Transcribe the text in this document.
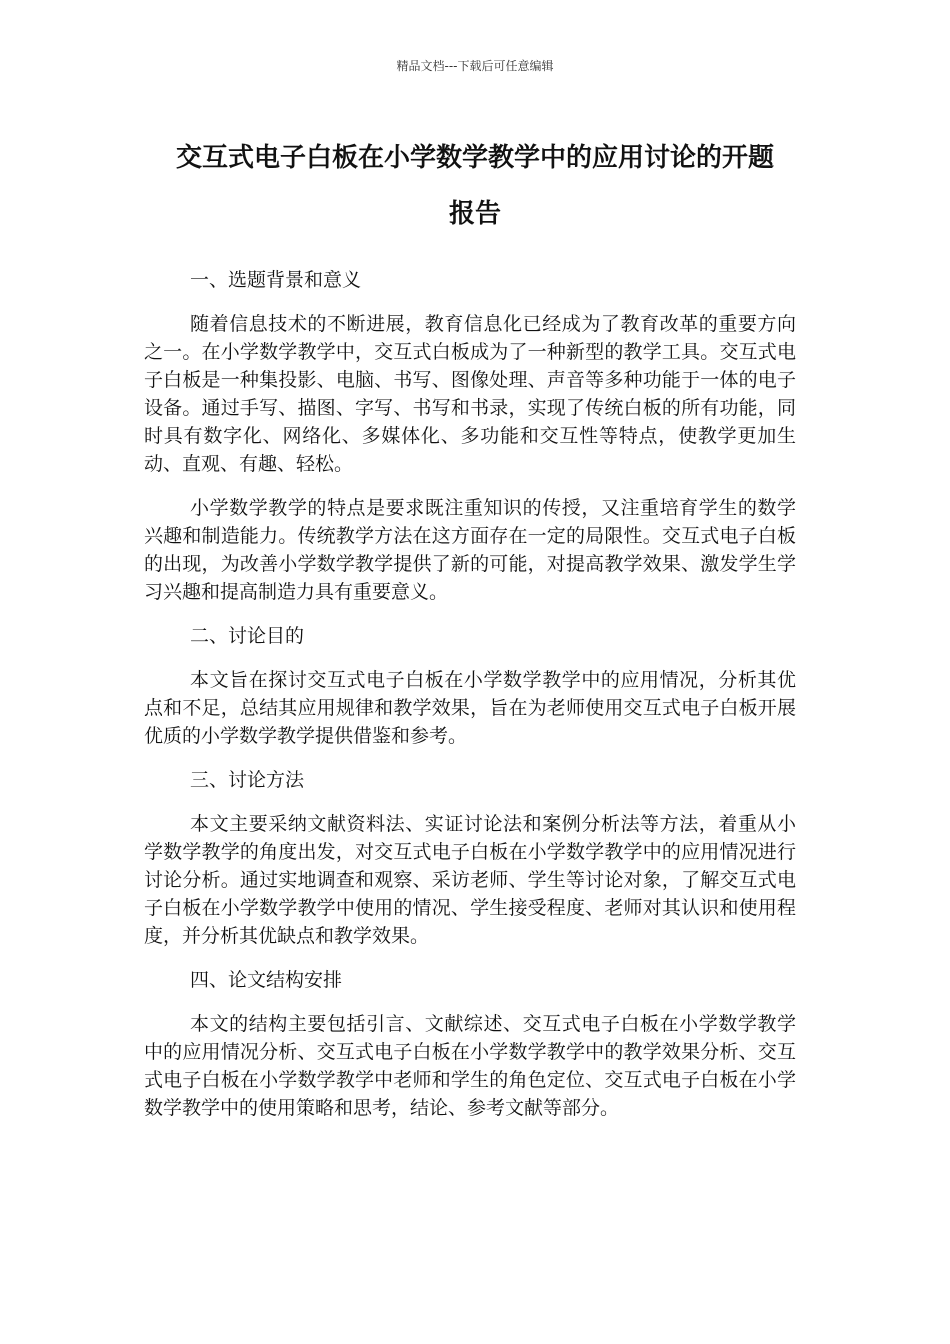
精品文档---下载后可任意编辑
交互式电子白板在小学数学教学中的应用讨论的开题
报告
一、选题背景和意义

随着信息技术的不断进展，教育信息化已经成为了教育改革的重要方向之一。在小学数学教学中，交互式白板成为了一种新型的教学工具。交互式电子白板是一种集投影、电脑、书写、图像处理、声音等多种功能于一体的电子设备。通过手写、描图、字写、书写和书录，实现了传统白板的所有功能，同时具有数字化、网络化、多媒体化、多功能和交互性等特点，使教学更加生动、直观、有趣、轻松。

小学数学教学的特点是要求既注重知识的传授，又注重培育学生的数学兴趣和制造能力。传统教学方法在这方面存在一定的局限性。交互式电子白板的出现，为改善小学数学教学提供了新的可能，对提高教学效果、激发学生学习兴趣和提高制造力具有重要意义。

二、讨论目的

本文旨在探讨交互式电子白板在小学数学教学中的应用情况，分析其优点和不足，总结其应用规律和教学效果，旨在为老师使用交互式电子白板开展优质的小学数学教学提供借鉴和参考。

三、讨论方法

本文主要采纳文献资料法、实证讨论法和案例分析法等方法，着重从小学数学教学的角度出发，对交互式电子白板在小学数学教学中的应用情况进行讨论分析。通过实地调查和观察、采访老师、学生等讨论对象，了解交互式电子白板在小学数学教学中使用的情况、学生接受程度、老师对其认识和使用程度，并分析其优缺点和教学效果。

四、论文结构安排

本文的结构主要包括引言、文献综述、交互式电子白板在小学数学教学中的应用情况分析、交互式电子白板在小学数学教学中的教学效果分析、交互式电子白板在小学数学教学中老师和学生的角色定位、交互式电子白板在小学数学教学中的使用策略和思考，结论、参考文献等部分。
